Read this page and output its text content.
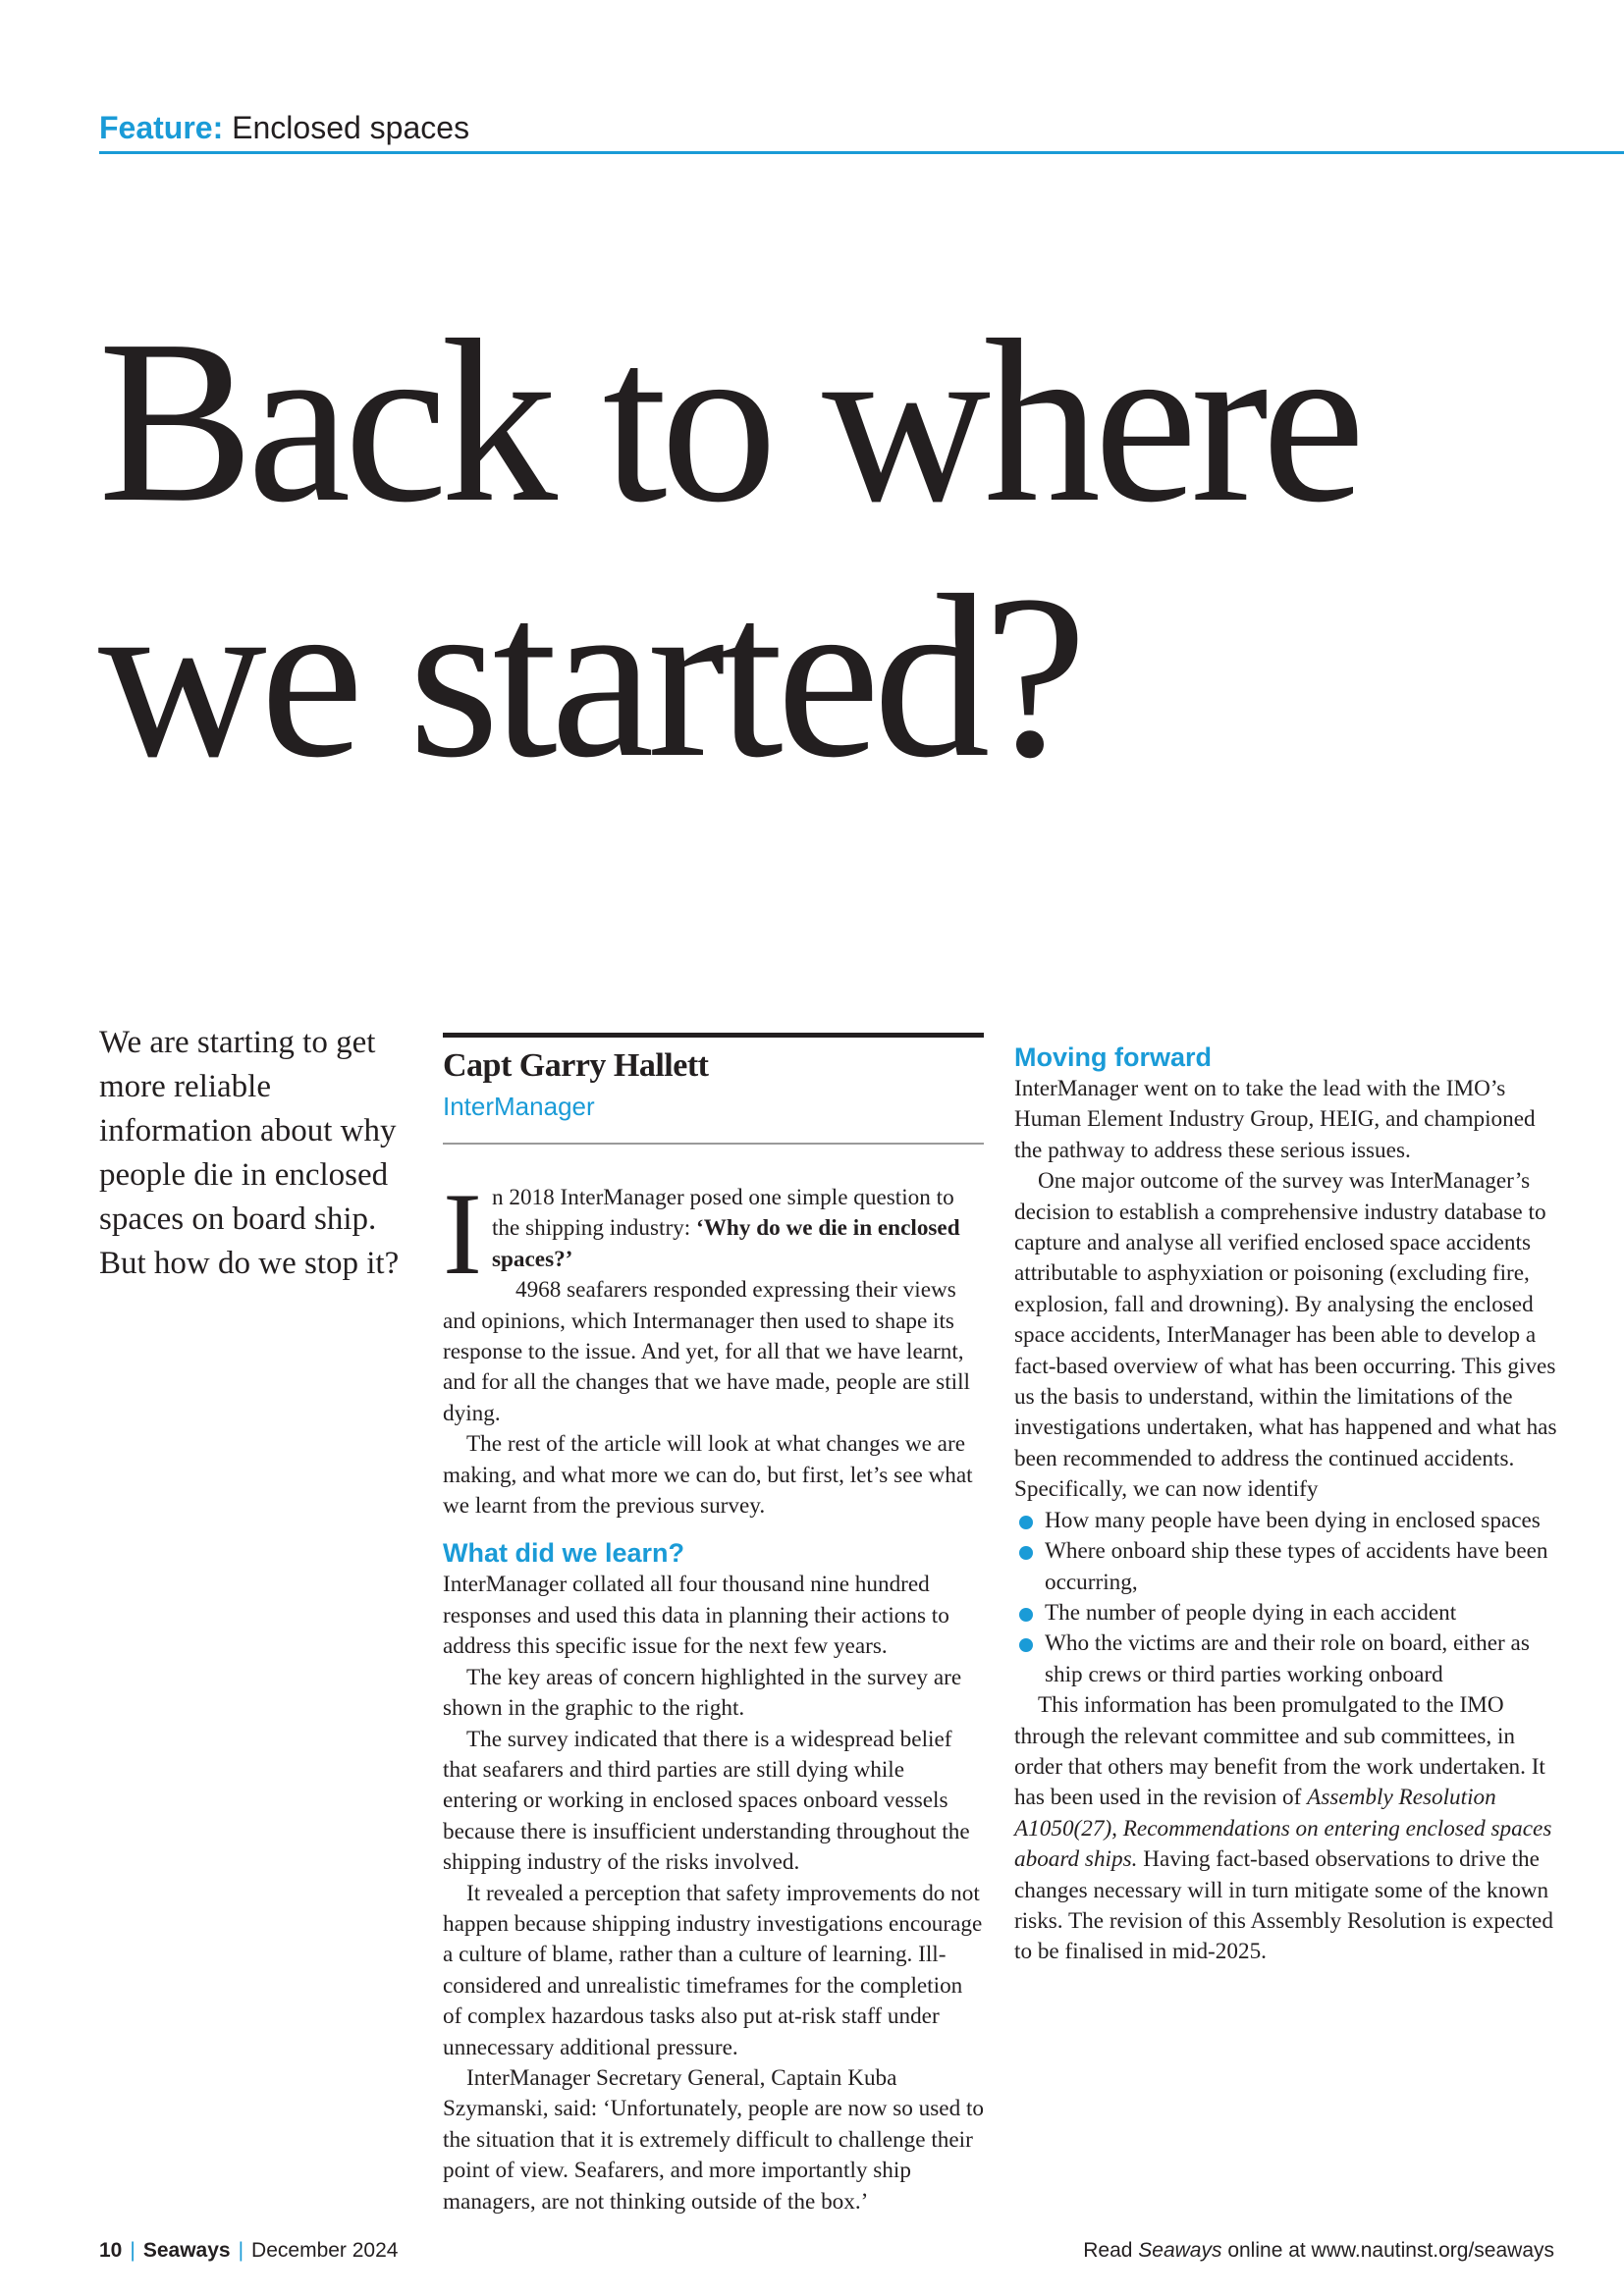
Feature: Enclosed spaces
Back to where
we started?
We are starting to get more reliable information about why people die in enclosed spaces on board ship. But how do we stop it?
Capt Garry Hallett
InterManager

In 2018 InterManager posed one simple question to the shipping industry: ‘Why do we die in enclosed spaces?’

4968 seafarers responded expressing their views and opinions, which Intermanager then used to shape its response to the issue. And yet, for all that we have learnt, and for all the changes that we have made, people are still dying.

The rest of the article will look at what changes we are making, and what more we can do, but first, let’s see what we learnt from the previous survey.

What did we learn?

InterManager collated all four thousand nine hundred responses and used this data in planning their actions to address this specific issue for the next few years.

The key areas of concern highlighted in the survey are shown in the graphic to the right.

The survey indicated that there is a widespread belief that seafarers and third parties are still dying while entering or working in enclosed spaces onboard vessels because there is insufficient understanding throughout the shipping industry of the risks involved.

It revealed a perception that safety improvements do not happen because shipping industry investigations encourage a culture of blame, rather than a culture of learning. Ill-considered and unrealistic timeframes for the completion of complex hazardous tasks also put at-risk staff under unnecessary additional pressure.

InterManager Secretary General, Captain Kuba Szymanski, said: ‘Unfortunately, people are now so used to the situation that it is extremely difficult to challenge their point of view. Seafarers, and more importantly ship managers, are not thinking outside of the box.’

Moving forward

InterManager went on to take the lead with the IMO’s Human Element Industry Group, HEIG, and championed the pathway to address these serious issues.

One major outcome of the survey was InterManager’s decision to establish a comprehensive industry database to capture and analyse all verified enclosed space accidents attributable to asphyxiation or poisoning (excluding fire, explosion, fall and drowning). By analysing the enclosed space accidents, InterManager has been able to develop a fact-based overview of what has been occurring. This gives us the basis to understand, within the limitations of the investigations undertaken, what has happened and what has been recommended to address the continued accidents.

Specifically, we can now identify

How many people have been dying in enclosed spaces
Where onboard ship these types of accidents have been occurring,
The number of people dying in each accident
Who the victims are and their role on board, either as ship crews or third parties working onboard

This information has been promulgated to the IMO through the relevant committee and sub committees, in order that others may benefit from the work undertaken. It has been used in the revision of Assembly Resolution A1050(27), Recommendations on entering enclosed spaces aboard ships. Having fact-based observations to drive the changes necessary will in turn mitigate some of the known risks. The revision of this Assembly Resolution is expected to be finalised in mid-2025.

10 | Seaways | December 2024	Read Seaways online at www.nautinst.org/seaways
